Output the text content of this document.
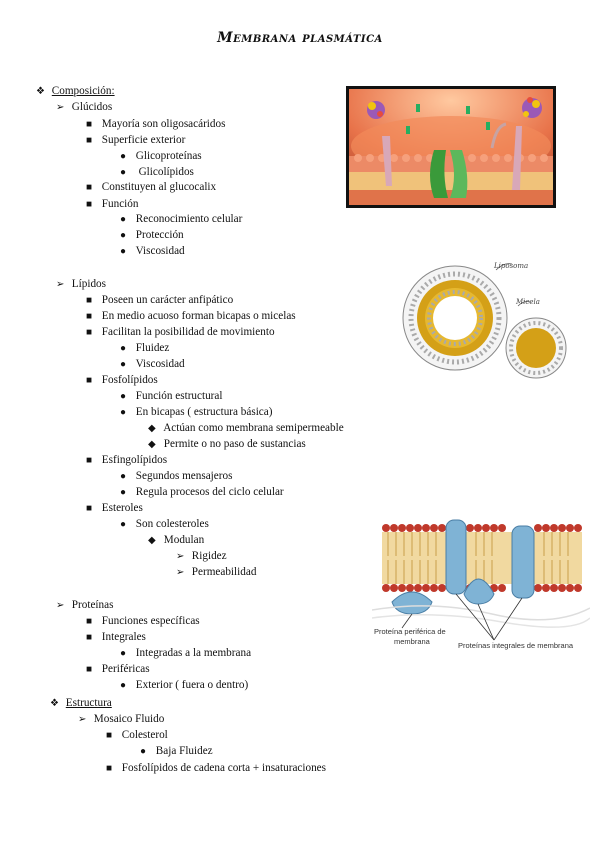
Membrana plasmática
❖ Composición:
➢ Glúcidos
■ Mayoría son oligosacáridos
■ Superficie exterior
● Glicoproteínas
● Glicolípidos
■ Constituyen al glucocalix
■ Función
● Reconocimiento celular
● Protección
● Viscosidad
➢ Lípidos
■ Poseen un carácter anfipático
■ En medio acuoso forman bicapas o micelas
■ Facilitan la posibilidad de movimiento
● Fluidez
● Viscosidad
■ Fosfolípidos
● Función estructural
● En bicapas ( estructura básica)
◆ Actúan como membrana semipermeable
◆ Permite o no paso de sustancias
■ Esfingolípidos
● Segundos mensajeros
● Regula procesos del ciclo celular
■ Esteroles
● Son colesteroles
◆ Modulan
➢ Rigidez
➢ Permeabilidad
➢ Proteínas
■ Funciones específicas
■ Integrales
● Integradas a la membrana
■ Periféricas
● Exterior ( fuera o dentro)
❖ Estructura
➢ Mosaico Fluido
■ Colesterol
● Baja Fluidez
■ Fosfolípidos de cadena corta + insaturaciones
Liposoma
Micela
Proteína periférica de
membrana	Proteínas integrales de membrana
